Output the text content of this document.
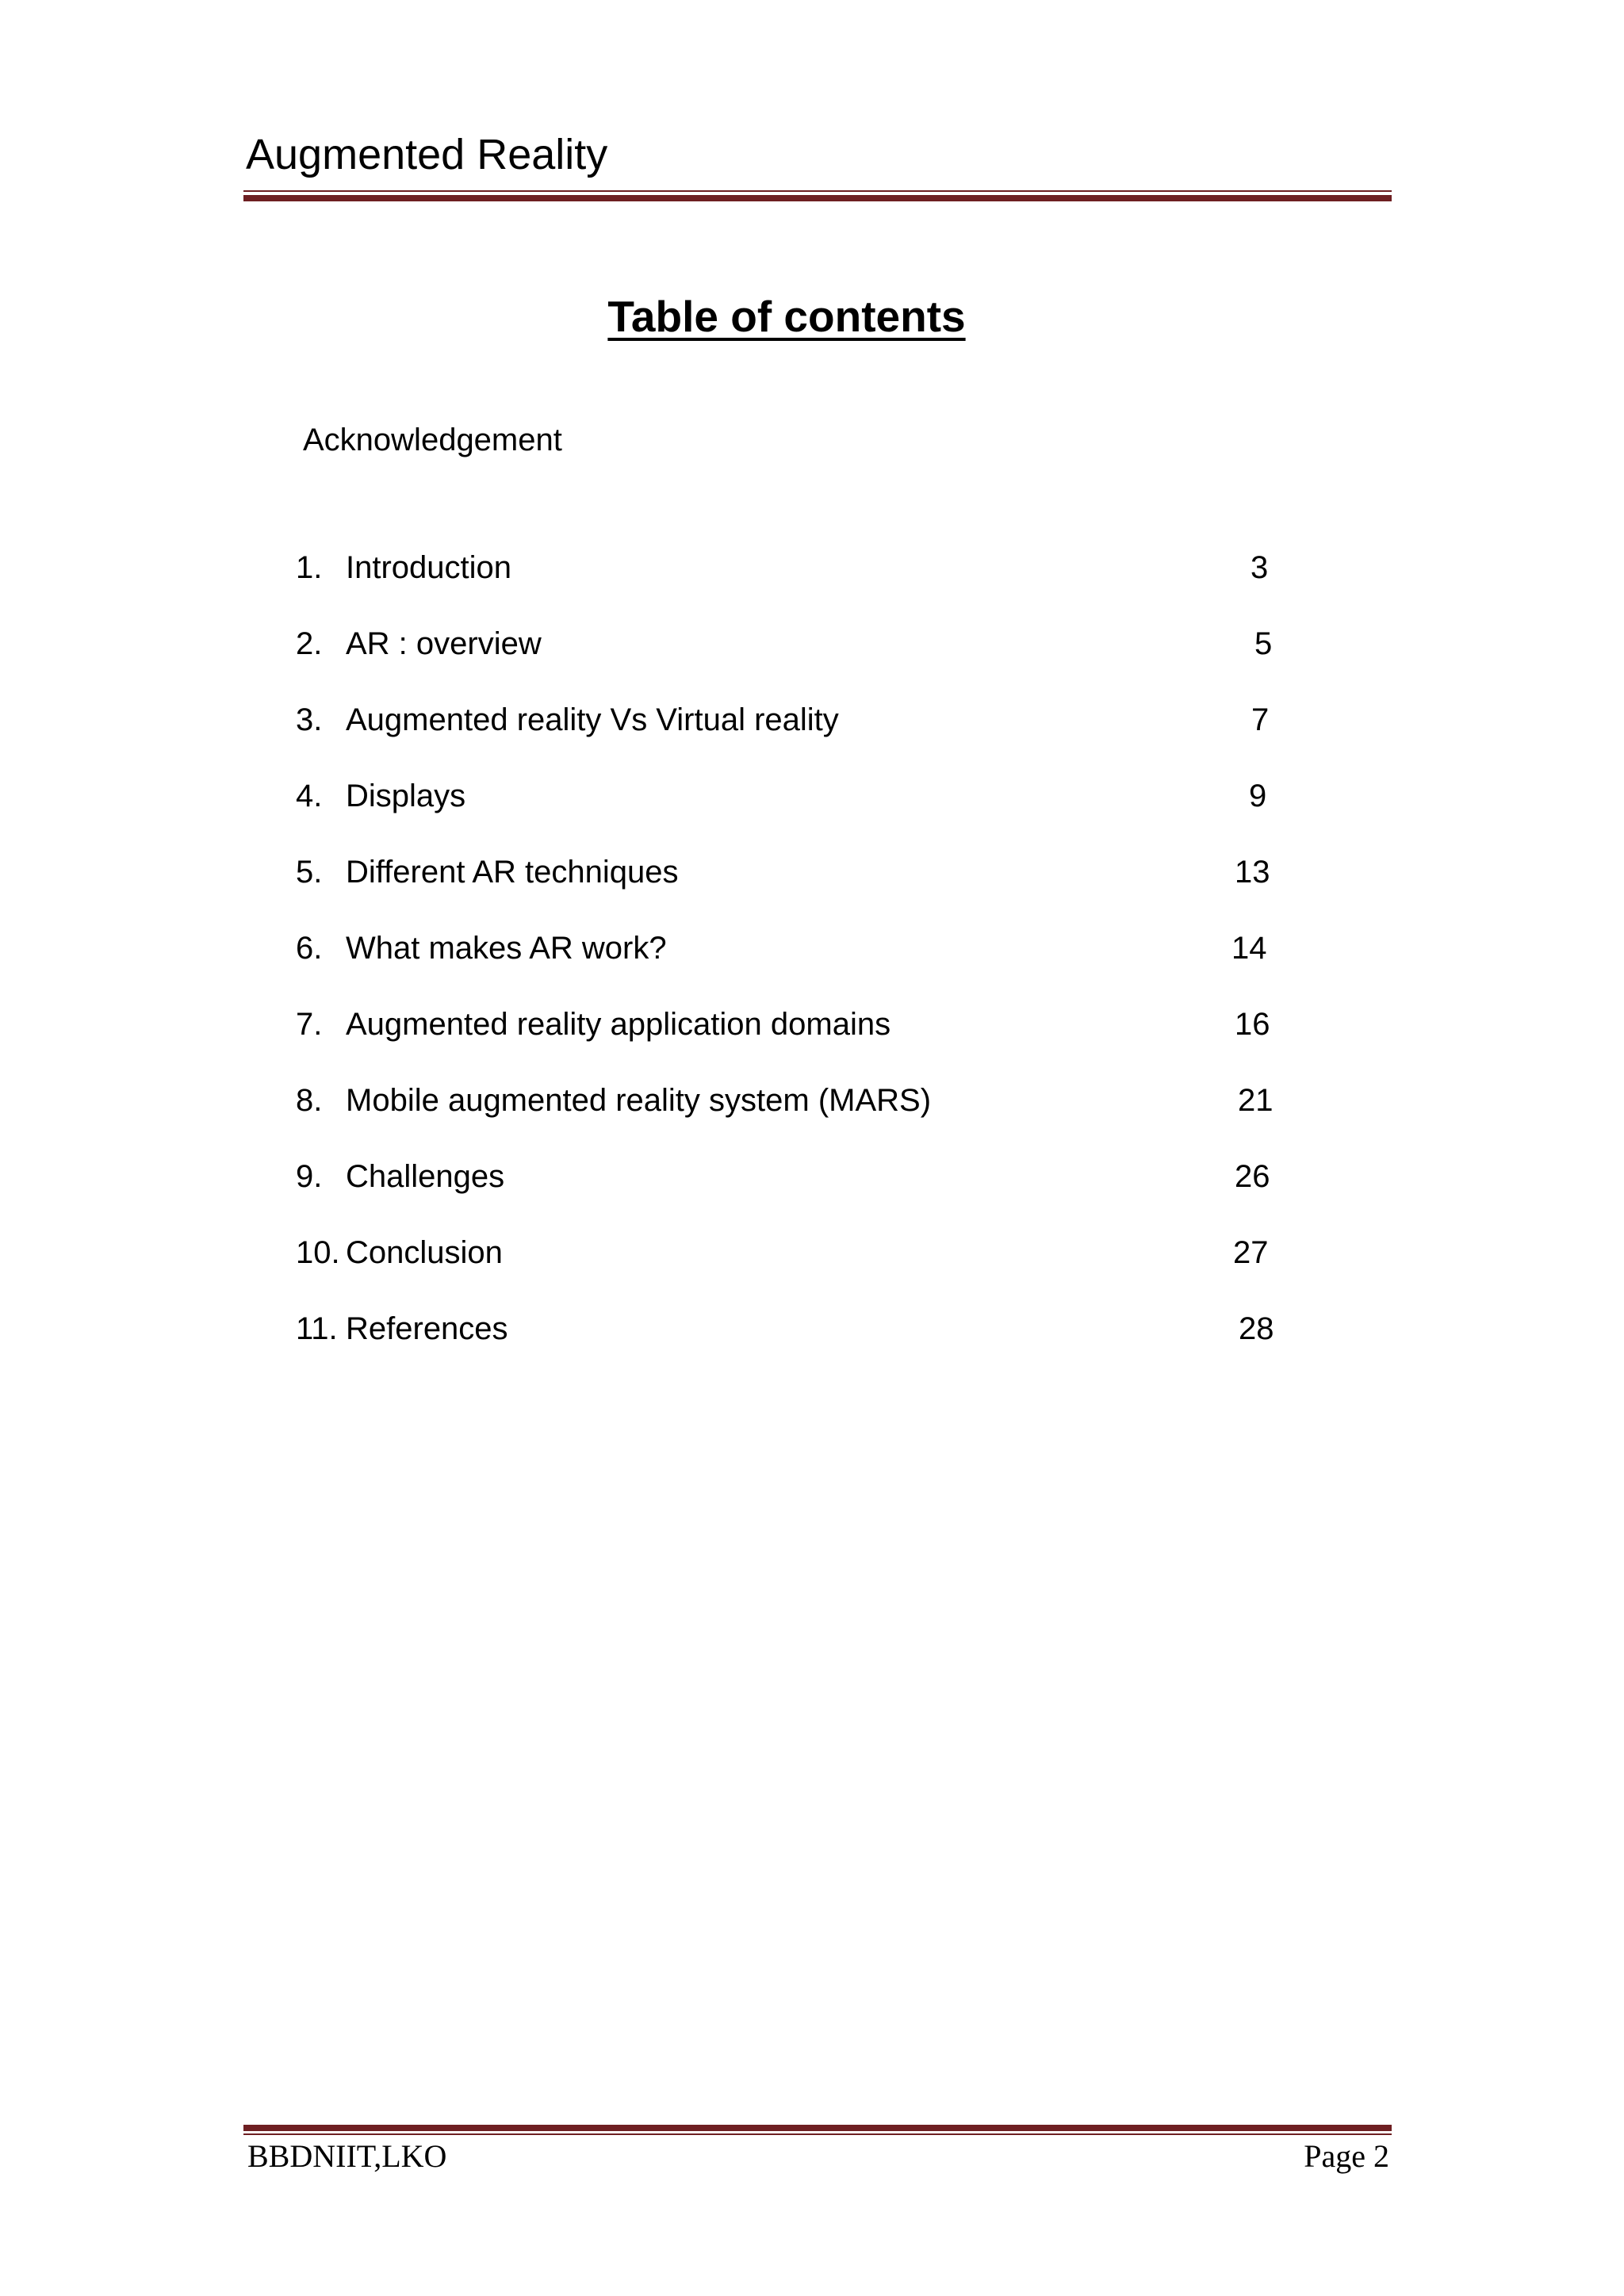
Augmented Reality
Table of contents
Acknowledgement
1. Introduction	3
2. AR : overview	5
3. Augmented reality Vs Virtual reality	7
4. Displays	9
5. Different AR techniques	13
6. What makes AR work?	14
7. Augmented reality application domains	16
8. Mobile augmented reality system (MARS)	21
9. Challenges	26
10. Conclusion	27
11. References	28
BBDNIIT,LKO	Page 2
